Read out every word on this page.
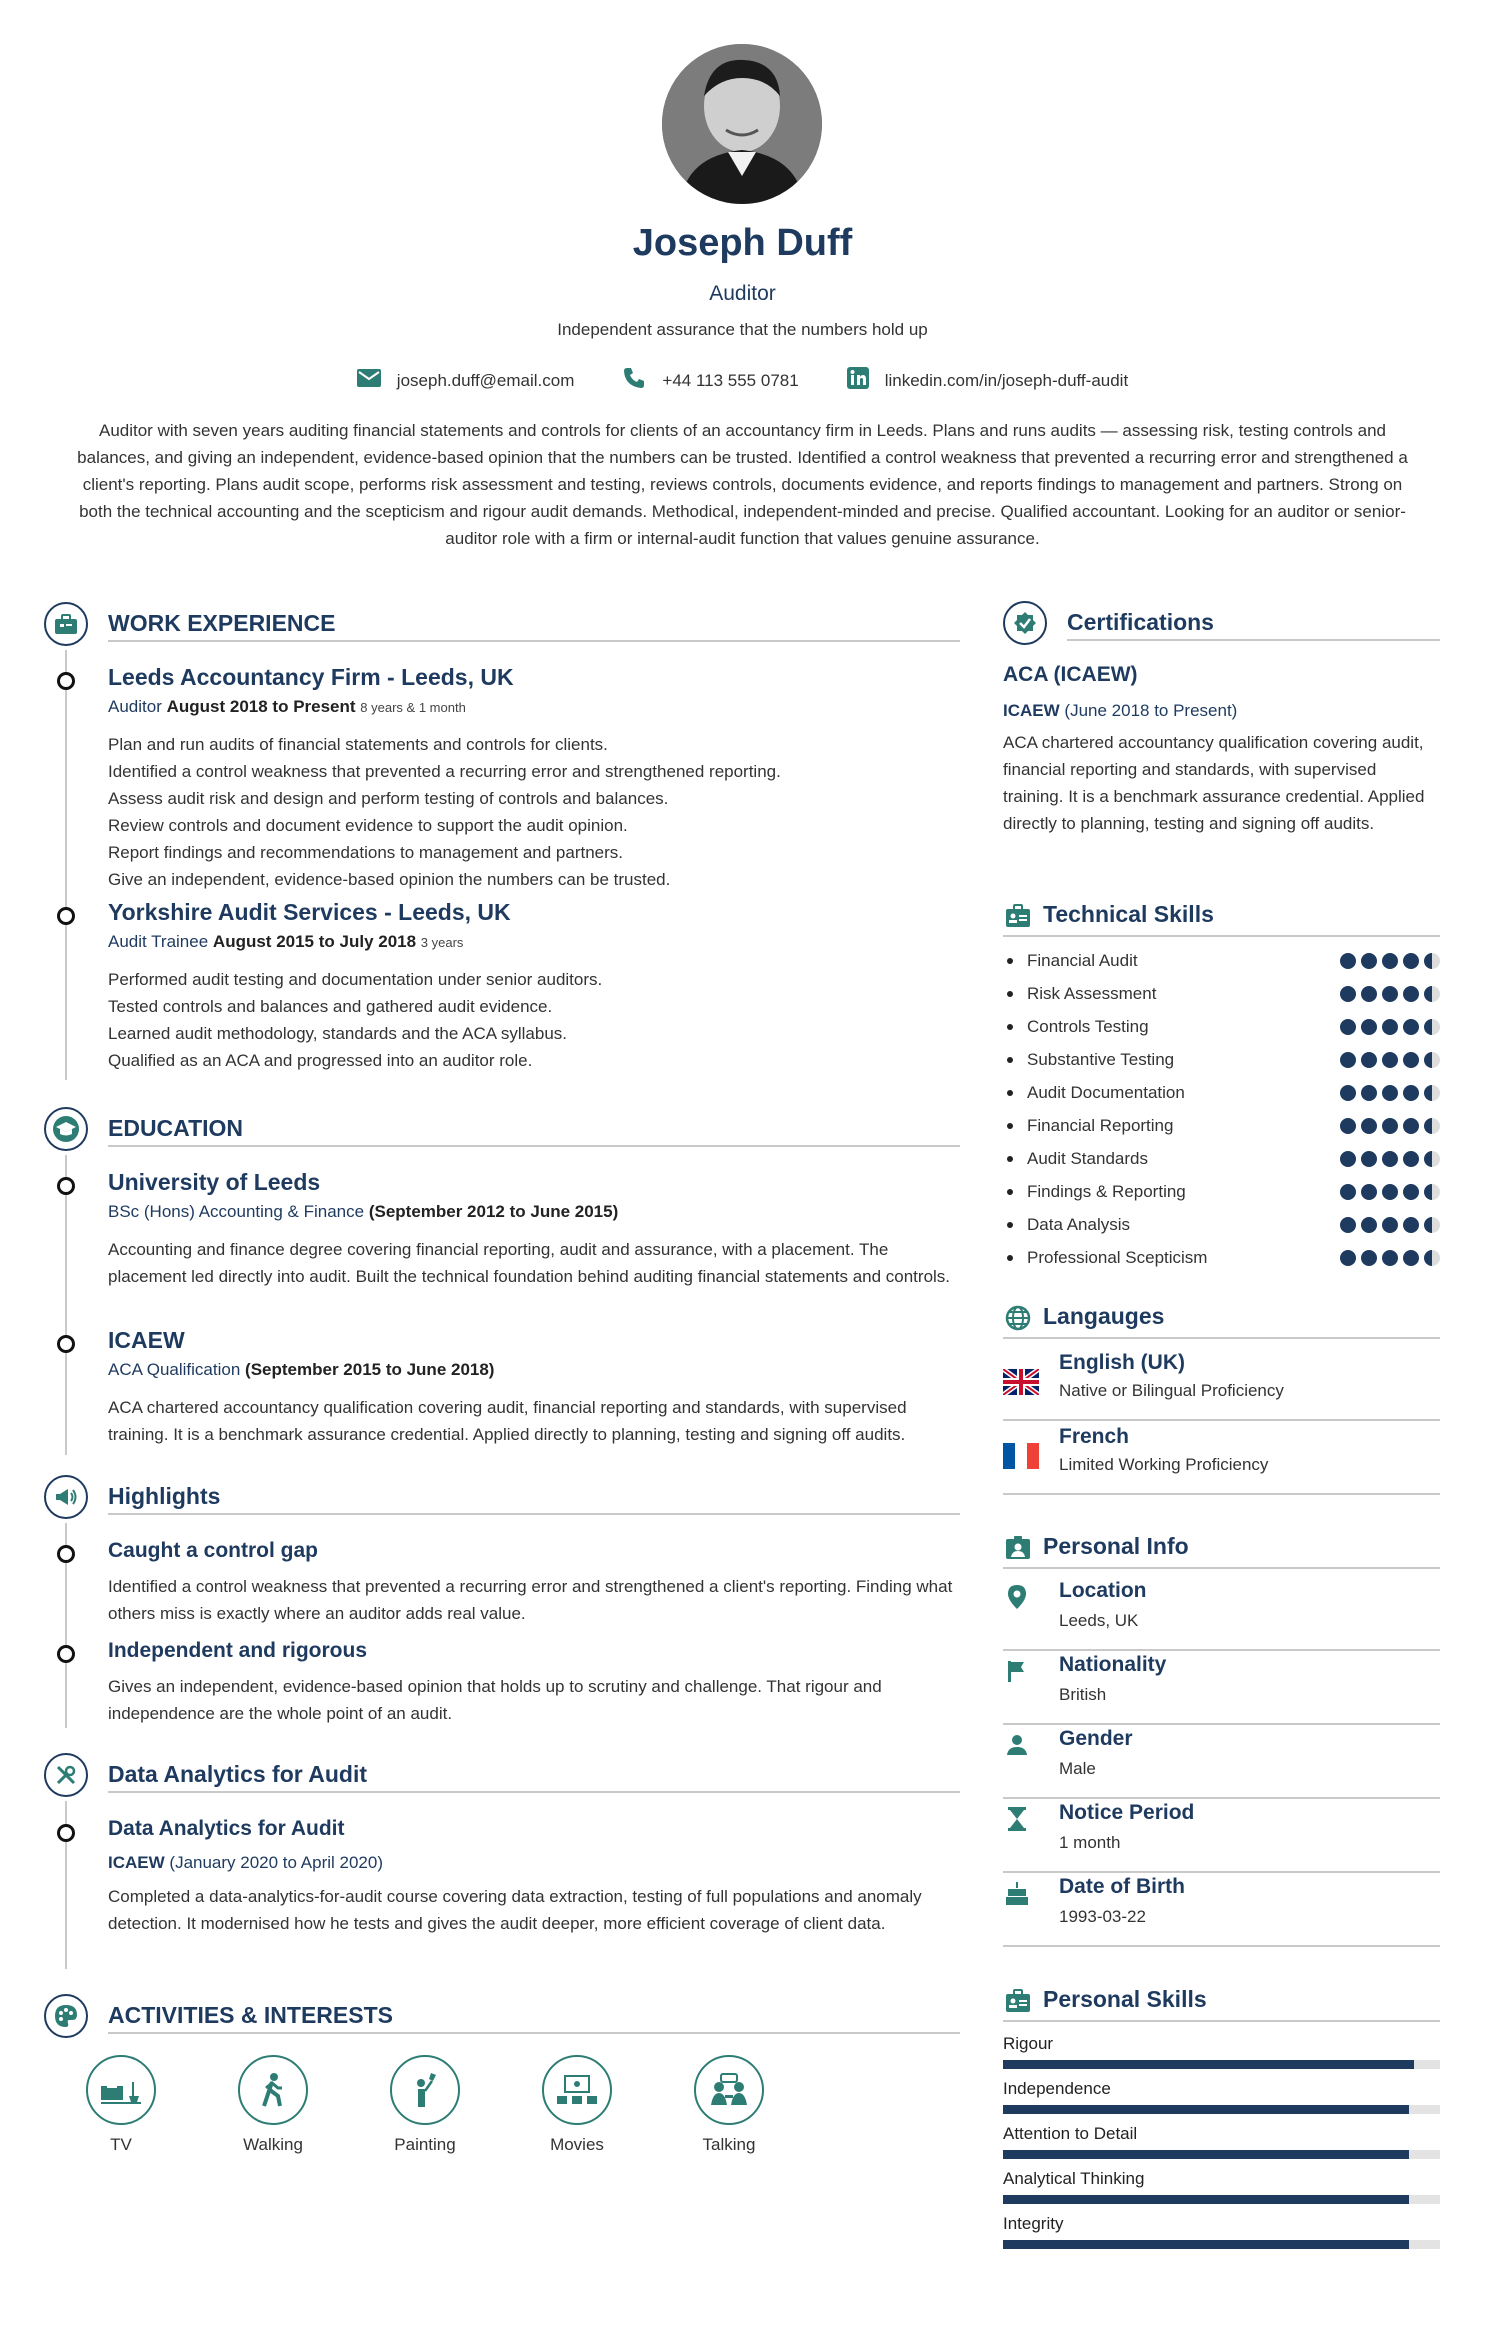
Joseph Duff
Auditor
Independent assurance that the numbers hold up
joseph.duff@email.com	+44 113 555 0781	linkedin.com/in/joseph-duff-audit
Auditor with seven years auditing financial statements and controls for clients of an accountancy firm in Leeds. Plans and runs audits — assessing risk, testing controls and balances, and giving an independent, evidence-based opinion that the numbers can be trusted. Identified a control weakness that prevented a recurring error and strengthened a client's reporting. Plans audit scope, performs risk assessment and testing, reviews controls, documents evidence, and reports findings to management and partners. Strong on both the technical accounting and the scepticism and rigour audit demands. Methodical, independent-minded and precise. Qualified accountant. Looking for an auditor or senior-auditor role with a firm or internal-audit function that values genuine assurance.
WORK EXPERIENCE
Leeds Accountancy Firm - Leeds, UK
Auditor August 2018 to Present 8 years & 1 month
Plan and run audits of financial statements and controls for clients.
Identified a control weakness that prevented a recurring error and strengthened reporting.
Assess audit risk and design and perform testing of controls and balances.
Review controls and document evidence to support the audit opinion.
Report findings and recommendations to management and partners.
Give an independent, evidence-based opinion the numbers can be trusted.
Yorkshire Audit Services - Leeds, UK
Audit Trainee August 2015 to July 2018 3 years
Performed audit testing and documentation under senior auditors.
Tested controls and balances and gathered audit evidence.
Learned audit methodology, standards and the ACA syllabus.
Qualified as an ACA and progressed into an auditor role.
EDUCATION
University of Leeds
BSc (Hons) Accounting & Finance (September 2012 to June 2015)
Accounting and finance degree covering financial reporting, audit and assurance, with a placement. The placement led directly into audit. Built the technical foundation behind auditing financial statements and controls.
ICAEW
ACA Qualification (September 2015 to June 2018)
ACA chartered accountancy qualification covering audit, financial reporting and standards, with supervised training. It is a benchmark assurance credential. Applied directly to planning, testing and signing off audits.
Highlights
Caught a control gap
Identified a control weakness that prevented a recurring error and strengthened a client's reporting. Finding what others miss is exactly where an auditor adds real value.
Independent and rigorous
Gives an independent, evidence-based opinion that holds up to scrutiny and challenge. That rigour and independence are the whole point of an audit.
Data Analytics for Audit
Data Analytics for Audit
ICAEW (January 2020 to April 2020)
Completed a data-analytics-for-audit course covering data extraction, testing of full populations and anomaly detection. It modernised how he tests and gives the audit deeper, more efficient coverage of client data.
ACTIVITIES & INTERESTS
TV	Walking	Painting	Movies	Talking
Certifications
ACA (ICAEW)
ICAEW (June 2018 to Present)
ACA chartered accountancy qualification covering audit, financial reporting and standards, with supervised training. It is a benchmark assurance credential. Applied directly to planning, testing and signing off audits.
Technical Skills
Financial Audit
Risk Assessment
Controls Testing
Substantive Testing
Audit Documentation
Financial Reporting
Audit Standards
Findings & Reporting
Data Analysis
Professional Scepticism
Langauges
English (UK)
Native or Bilingual Proficiency
French
Limited Working Proficiency
Personal Info
Location
Leeds, UK
Nationality
British
Gender
Male
Notice Period
1 month
Date of Birth
1993-03-22
Personal Skills
Rigour
Independence
Attention to Detail
Analytical Thinking
Integrity
